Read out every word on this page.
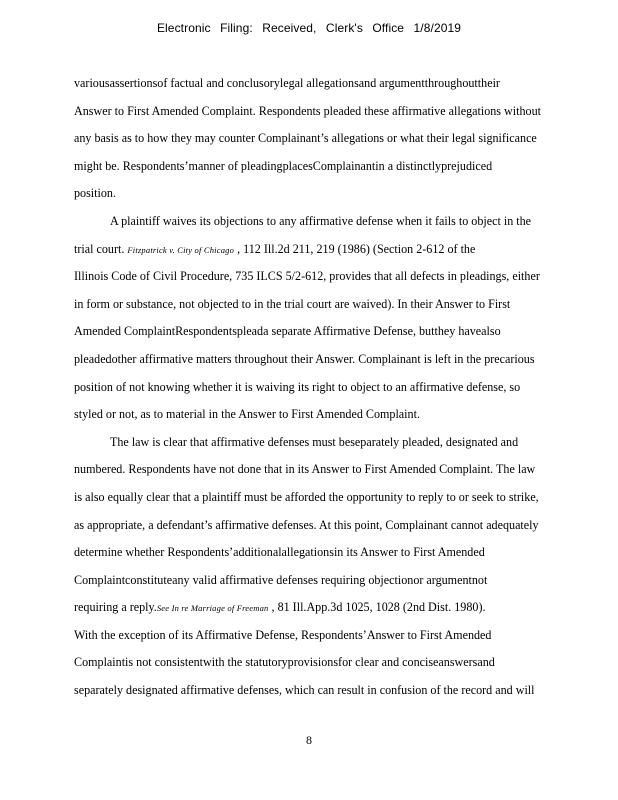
Electronic Filing: Received, Clerk's Office 1/8/2019
variousassertionsof factual and conclusorylegal allegationsand argumentthroughouttheir
Answer to First Amended Complaint. Respondents pleaded these affirmative allegations without
any basis as to how they may counter Complainant’s allegations or what their legal significance
might be. Respondents’manner of pleadingplacesComplainantin a distinctlyprejudiced
position.
A plaintiff waives its objections to any affirmative defense when it fails to object in the
trial court. Fitzpatrick v. City of Chicago , 112 Ill.2d 211, 219 (1986) (Section 2-612 of the
Illinois Code of Civil Procedure, 735 ILCS 5/2-612, provides that all defects in pleadings, either
in form or substance, not objected to in the trial court are waived). In their Answer to First
Amended ComplaintRespondentspleada separate Affirmative Defense, butthey havealso
pleadedother affirmative matters throughout their Answer. Complainant is left in the precarious
position of not knowing whether it is waiving its right to object to an affirmative defense, so
styled or not, as to material in the Answer to First Amended Complaint.
The law is clear that affirmative defenses must beseparately pleaded, designated and
numbered. Respondents have not done that in its Answer to First Amended Complaint. The law
is also equally clear that a plaintiff must be afforded the opportunity to reply to or seek to strike,
as appropriate, a defendant’s affirmative defenses. At this point, Complainant cannot adequately
determine whether Respondents’additionalallegationsin its Answer to First Amended
Complaintconstituteany valid affirmative defenses requiring objectionor argumentnot
requiring a reply.See In re Marriage of Freeman , 81 Ill.App.3d 1025, 1028 (2nd Dist. 1980).
With the exception of its Affirmative Defense, Respondents’Answer to First Amended
Complaintis not consistentwith the statutoryprovisionsfor clear and conciseanswersand
separately designated affirmative defenses, which can result in confusion of the record and will
8
